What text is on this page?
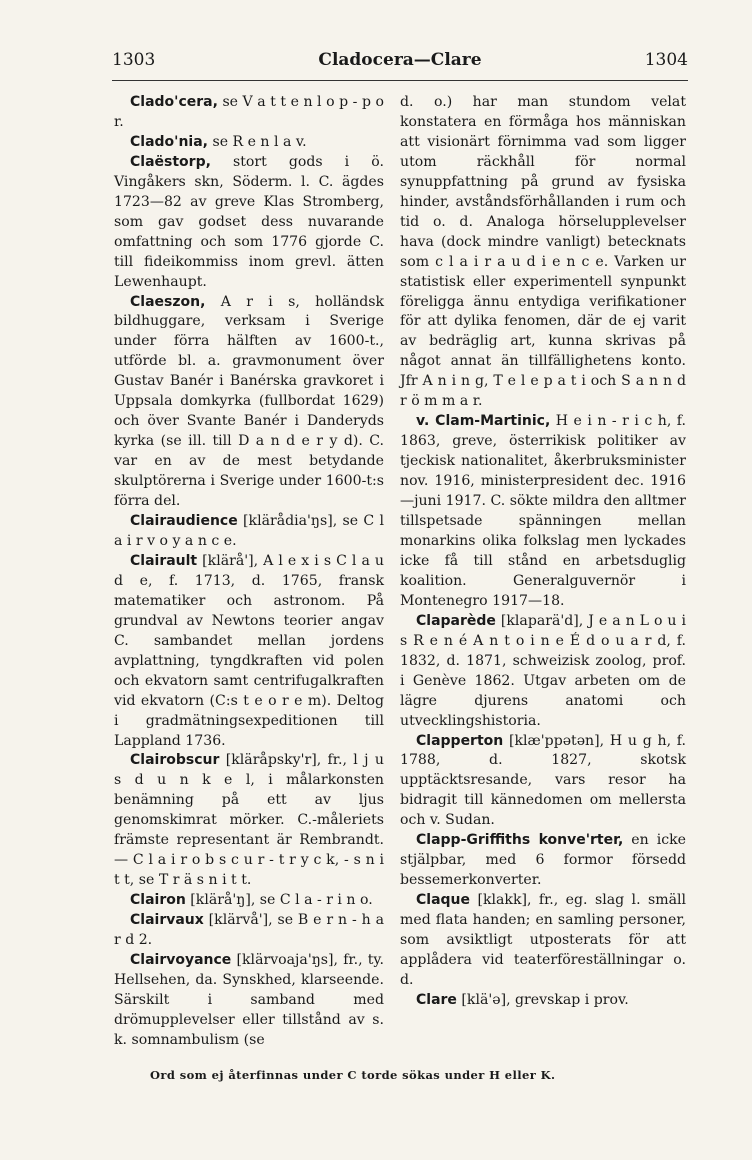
1303	Cladocera—Clare	1304

Clado'cera, se V a t t e n l o p - p o r.

Clado'nia, se R e n l a v.

Claëstorp, stort gods i ö. Vingåkers skn, Söderm. l. C. ägdes 1723—82 av greve Klas Stromberg, som gav godset dess nuvarande omfattning och som 1776 gjorde C. till fideikommiss inom grevl. ätten Lewenhaupt.

Claeszon, A r i s, holländsk bildhuggare, verksam i Sverige under förra hälften av 1600-t., utförde bl. a. gravmonument över Gustav Banér i Banérska gravkoret i Uppsala domkyrka (fullbordat 1629) och över Svante Banér i Danderyds kyrka (se ill. till D a n d e r y d). C. var en av de mest betydande skulptörerna i Sverige under 1600-t:s förra del.

Clairaudience [klärådia'ŋs], se C l a i r v o y a n c e.

Clairault [klärå'], A l e x i s C l a u d e, f. 1713, d. 1765, fransk matematiker och astronom. På grundval av Newtons teorier angav C. sambandet mellan jordens avplattning, tyngdkraften vid polen och ekvatorn samt centrifugalkraften vid ekvatorn (C:s t e o r e m). Deltog i gradmätningsexpeditionen till Lappland 1736.

Clairobscur [kläråpsky'r], fr., l j u s d u n k e l, i målarkonsten benämning på ett av ljus genomskimrat mörker. C.-måleriets främste representant är Rembrandt. — C l a i r o b s c u r - t r y c k, - s n i t t, se T r ä s n i t t.

Clairon [klärå'ŋ], se C l a - r i n o.

Clairvaux [klärvå'], se B e r n - h a r d 2.

Clairvoyance [klärvoaja'ŋs], fr., ty. Hellsehen, da. Synskhed, klarseende. Särskilt i samband med drömupplevelser eller tillstånd av s. k. somnambulism (se

d. o.) har man stundom velat konstatera en förmåga hos människan att visionärt förnimma vad som ligger utom räckhåll för normal synuppfattning på grund av fysiska hinder, avståndsförhållanden i rum och tid o. d. Analoga hörselupplevelser hava (dock mindre vanligt) betecknats som c l a i r a u d i e n c e. Varken ur statistisk eller experimentell synpunkt föreligga ännu entydiga verifikationer för att dylika fenomen, där de ej varit av bedräglig art, kunna skrivas på något annat än tillfällighetens konto. Jfr A n i n g, T e l e p a t i och S a n n d r ö m m a r.

v. Clam-Martinic, H e i n - r i c h, f. 1863, greve, österrikisk politiker av tjeckisk nationalitet, åkerbruksminister nov. 1916, ministerpresident dec. 1916—juni 1917. C. sökte mildra den alltmer tillspetsade spänningen mellan monarkins olika folkslag men lyckades icke få till stånd en arbetsduglig koalition. Generalguvernör i Montenegro 1917—18.

Claparède [klaparä'd], J e a n L o u i s R e n é A n t o i n e É d o u a r d, f. 1832, d. 1871, schweizisk zoolog, prof. i Genève 1862. Utgav arbeten om de lägre djurens anatomi och utvecklingshistoria.

Clapperton [klæ'ppətən], H u g h, f. 1788, d. 1827, skotsk upptäcktsresande, vars resor ha bidragit till kännedomen om mellersta och v. Sudan.

Clapp-Griffiths konve'rter, en icke stjälpbar, med 6 formor försedd bessemerkonverter.

Claque [klakk], fr., eg. slag l. smäll med flata handen; en samling personer, som avsiktligt utposterats för att applådera vid teaterföreställningar o. d.

Clare [klä'ə], grevskap i prov.

Ord som ej återfinnas under C torde sökas under H eller K.
